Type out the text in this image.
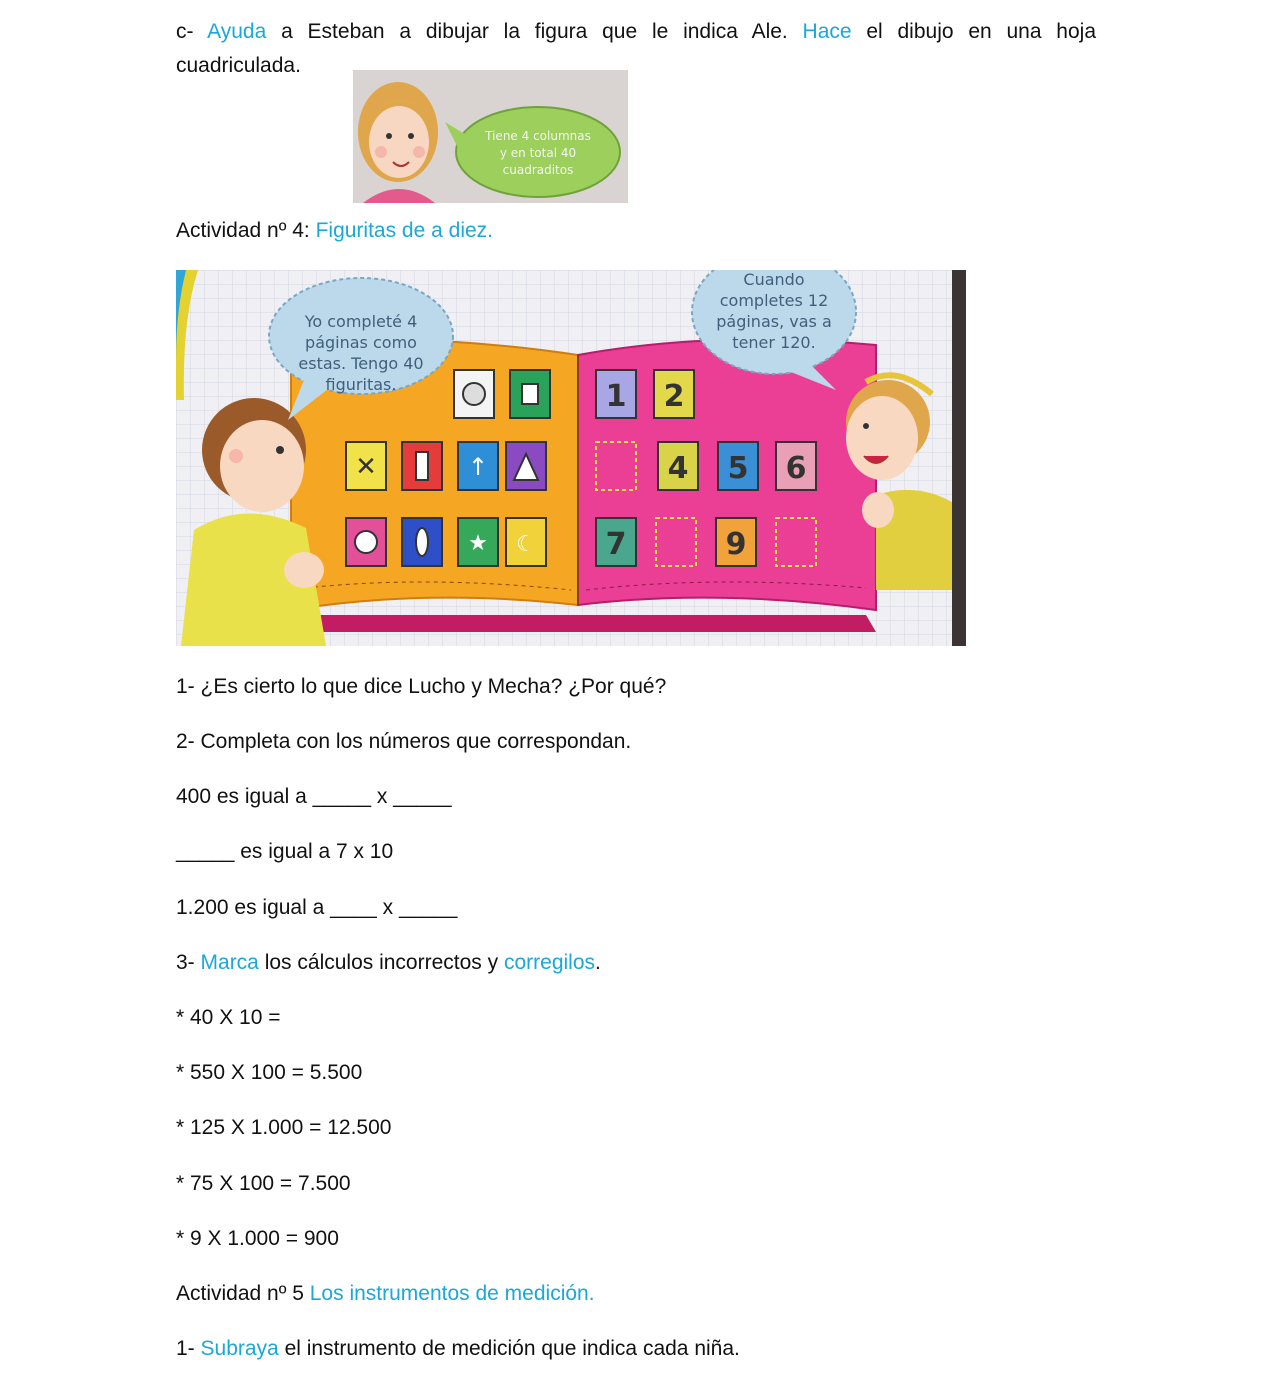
c- Ayuda a Esteban a dibujar la figura que le indica Ale. Hace el dibujo en una hoja
cuadriculada.
Tiene 4 columnas
y en total 40
cuadraditos
Actividad nº 4: Figuritas de a diez.
✕	↑
★ ☾
1 2
4 5 6
7	9
Yo completé 4
páginas como
estas. Tengo 40
figuritas.
Cuando
completes 12
páginas, vas a
tener 120.
1- ¿Es cierto lo que dice Lucho y Mecha? ¿Por qué?
2- Completa con los números que correspondan.
400 es igual a _____ x _____
_____ es igual a 7 x 10
1.200 es igual a ____ x _____
3- Marca los cálculos incorrectos y corregilos.
* 40 X 10 =
* 550 X 100 = 5.500
* 125 X 1.000 = 12.500
* 75 X 100 = 7.500
* 9 X 1.000 = 900
Actividad nº 5 Los instrumentos de medición.
1- Subraya el instrumento de medición que indica cada niña.
